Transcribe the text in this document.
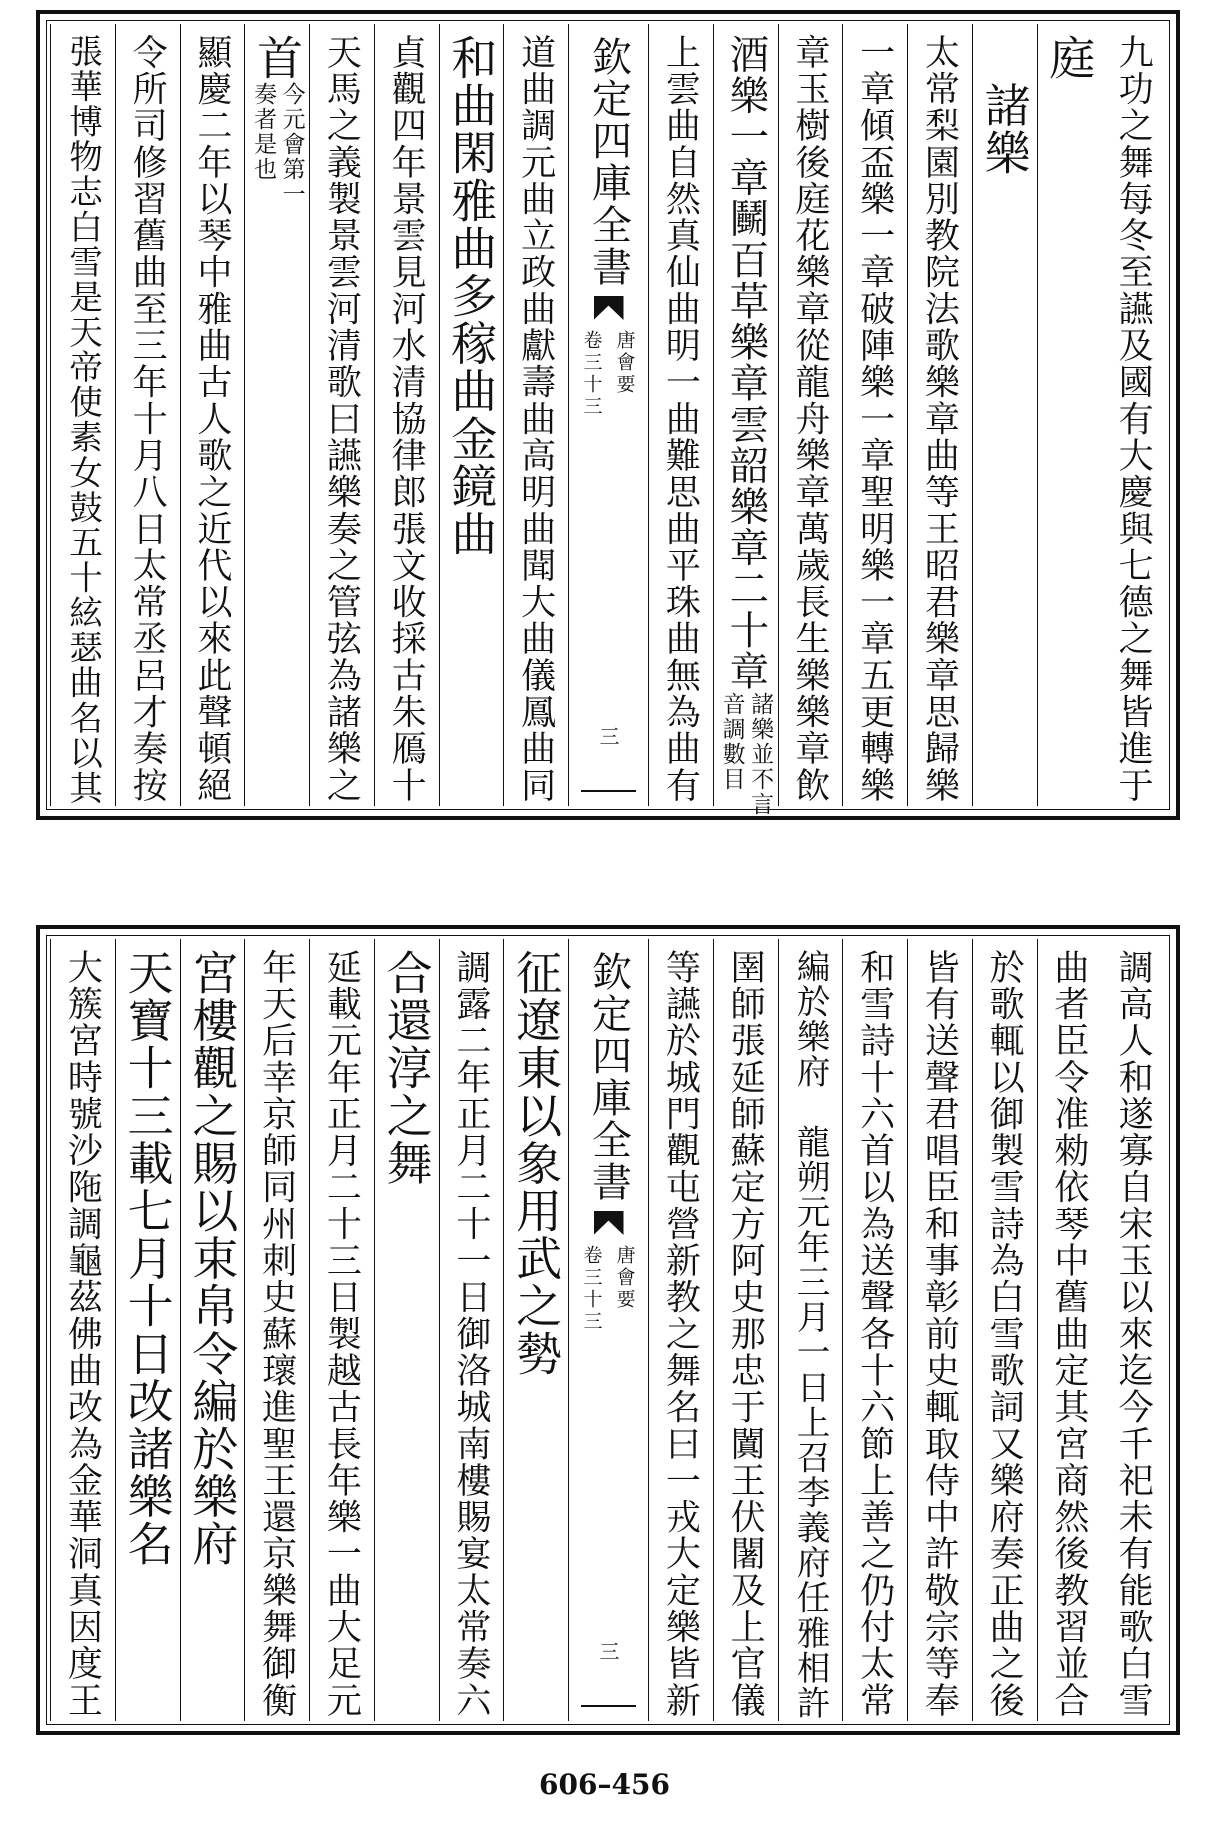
九功之舞每冬至讌及國有大慶與七德之舞皆進于
庭
　諸樂
太常梨園別教院法歌樂章曲等王昭君樂章思歸樂
一章傾盃樂一章破陣樂一章聖明樂一章五更轉樂
章玉樹後庭花樂章從龍舟樂章萬歲長生樂樂章飲
酒樂一章鬭百草樂章雲韶樂章二十章
諸樂並不言
音調數目
上雲曲自然真仙曲明一曲難思曲平珠曲無為曲有
欽定四庫全書
唐會要
卷三十三
三
道曲調元曲立政曲獻壽曲高明曲聞大曲儀鳳曲同
和曲閑雅曲多稼曲金鏡曲
貞觀四年景雲見河水清協律郎張文收採古朱鴈十
天馬之義製景雲河清歌曰讌樂奏之管弦為諸樂之
首
今元會第一
奏者是也
顯慶二年以琴中雅曲古人歌之近代以來此聲頓絕
令所司修習舊曲至三年十月八日太常丞呂才奏按
張華博物志白雪是天帝使素女鼓五十絃瑟曲名以其
調高人和遂寡自宋玉以來迄今千祀未有能歌白雪
曲者臣令准勑依琴中舊曲定其宮商然後教習並合
於歌輒以御製雪詩為白雪歌詞又樂府奏正曲之後
皆有送聲君唱臣和事彰前史輒取侍中許敬宗等奉
和雪詩十六首以為送聲各十六節上善之仍付太常
編於樂府　龍朔元年三月一日上召李義府任雅相許
圉師張延師蘇定方阿史那忠于闐王伏闍及上官儀
等讌於城門觀屯營新教之舞名曰一戎大定樂皆新
欽定四庫全書
唐會要
卷三十三
三
征遼東以象用武之勢
調露二年正月二十一日御洛城南樓賜宴太常奏六
合還淳之舞
延載元年正月二十三日製越古長年樂一曲大足元
年天后幸京師同州刺史蘇瓌進聖王還京樂舞御衡
宮樓觀之賜以束帛令編於樂府
天寶十三載七月十日改諸樂名
大簇宮時號沙陁調龜茲佛曲改為金華洞真因度王
606–456
